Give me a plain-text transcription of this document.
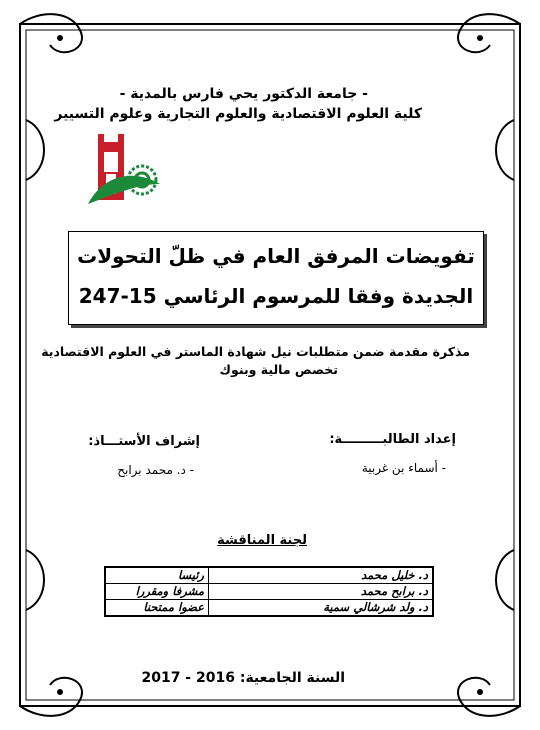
- جامعة الدكتور يحي فارس بالمدية -
كلية العلوم الاقتصادية والعلوم التجارية وعلوم التسيير
تفويضات المرفق العام في ظلّ التحولات
الجديدة وفقا للمرسوم الرئاسي 15-247
مذكرة مقدمة ضمن متطلبات نيل شهادة الماستر في العلوم الاقتصادية
تخصص مالية وبنوك
إعداد الطالبـــــــــة:
- أسماء بن غربية
إشراف الأستـــاذ:
- د. محمد برابح
لجنة المناقشة
د. خليل محمد	رئيسا
د. برابح محمد	مشرفا ومقررا
د. ولد شرشالي سمية	عضوا ممتحنا
السنة الجامعية: 2016 - 2017
